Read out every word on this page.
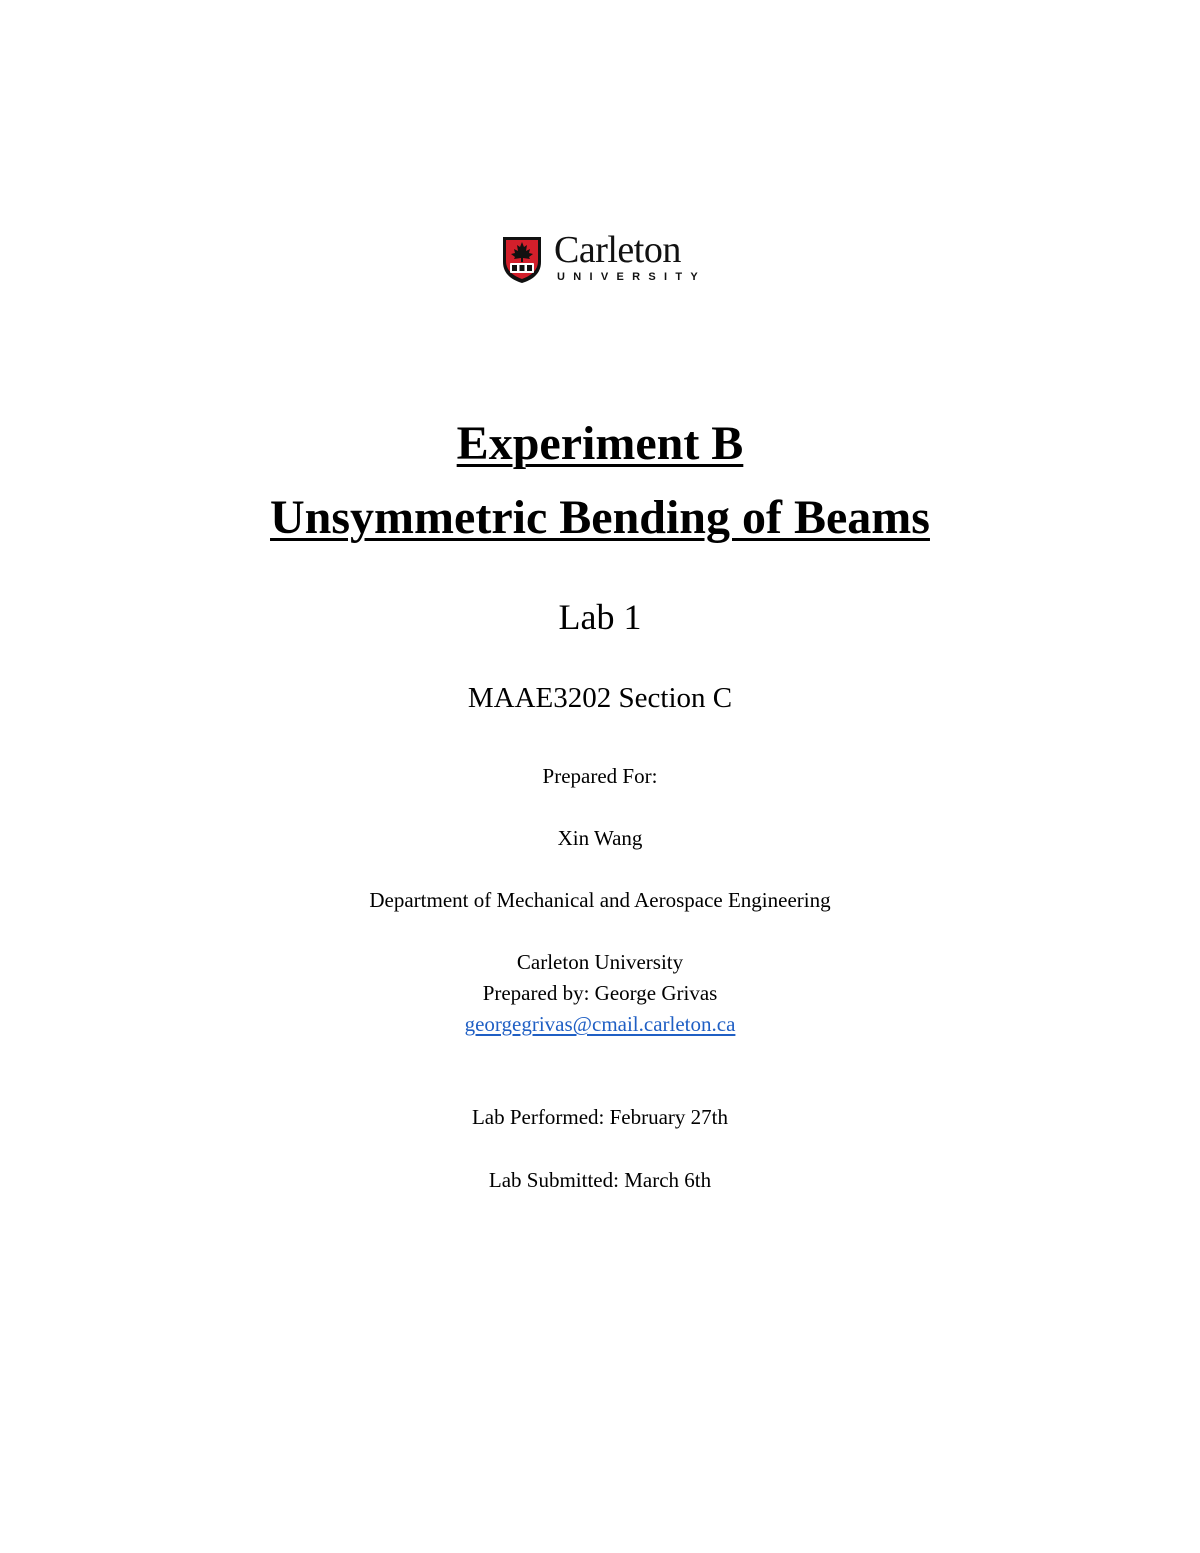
Carleton
UNIVERSITY
Experiment B
Unsymmetric Bending of Beams
Lab 1
MAAE3202 Section C
Prepared For:
Xin Wang
Department of Mechanical and Aerospace Engineering
Carleton University
Prepared by: George Grivas
georgegrivas@cmail.carleton.ca
Lab Performed: February 27th
Lab Submitted: March 6th
